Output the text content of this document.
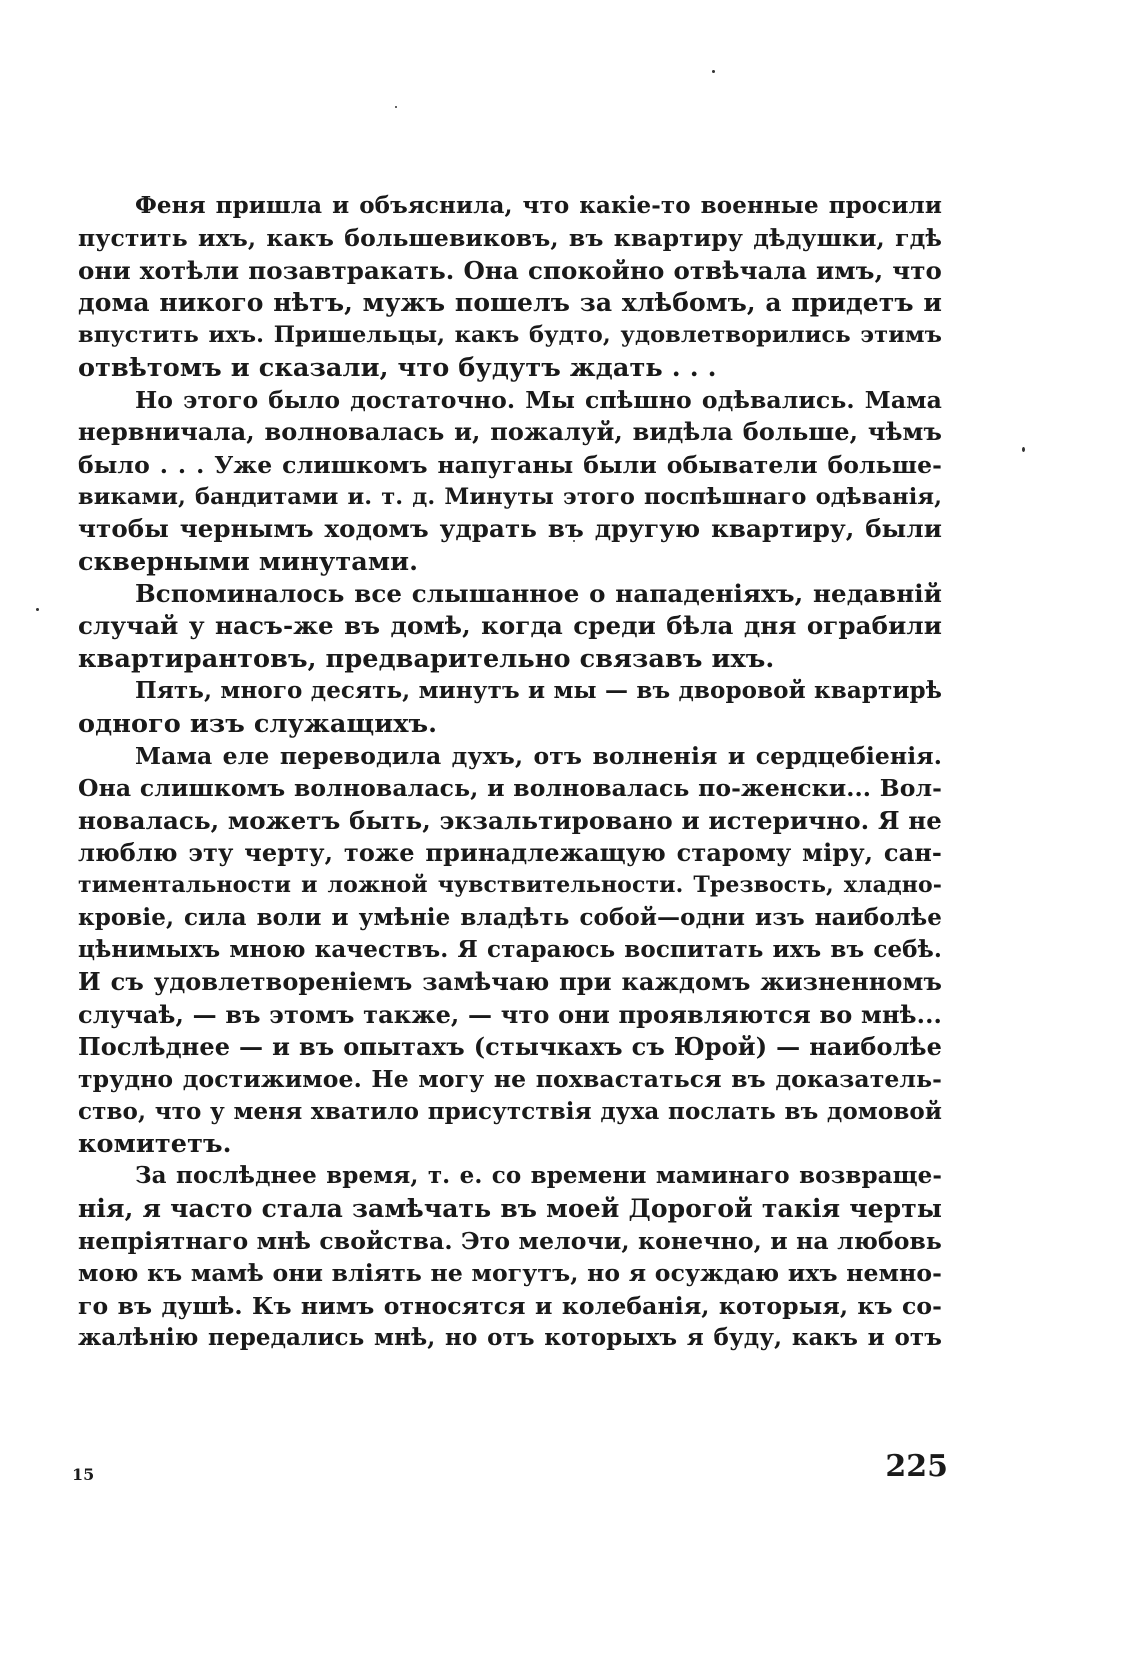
Феня пришла и объяснила, что какіе-то военные просили
пустить ихъ, какъ большевиковъ, въ квартиру дѣдушки, гдѣ
они хотѣли позавтракать. Она спокойно отвѣчала имъ, что
дома никого нѣтъ, мужъ пошелъ за хлѣбомъ, а придетъ и
впустить ихъ. Пришельцы, какъ будто, удовлетворились этимъ
отвѣтомъ и сказали, что будутъ ждать . . .
Но этого было достаточно. Мы спѣшно одѣвались. Мама
нервничала, волновалась и, пожалуй, видѣла больше, чѣмъ
было . . . Уже слишкомъ напуганы были обыватели больше-
виками, бандитами и. т. д. Минуты этого поспѣшнаго одѣванія,
чтобы чернымъ ходомъ удрать въ другую квартиру, были
скверными минутами.
Вспоминалось все слышанное о нападеніяхъ, недавній
случай у насъ-же въ домѣ, когда среди бѣла дня ограбили
квартирантовъ, предварительно связавъ ихъ.
Пять, много десять, минутъ и мы — въ дворовой квартирѣ
одного изъ служащихъ.
Мама еле переводила духъ, отъ волненія и сердцебіенія.
Она слишкомъ волновалась, и волновалась по-женски... Вол-
новалась, можетъ быть, экзальтировано и истерично. Я не
люблю эту черту, тоже принадлежащую старому міру, сан-
тиментальности и ложной чувствительности. Трезвость, хладно-
кровіе, сила воли и умѣніе владѣть собой—одни изъ наиболѣе
цѣнимыхъ мною качествъ. Я стараюсь воспитать ихъ въ себѣ.
И съ удовлетвореніемъ замѣчаю при каждомъ жизненномъ
случаѣ, — въ этомъ также, — что они проявляются во мнѣ...
Послѣднее — и въ опытахъ (стычкахъ съ Юрой) — наиболѣе
трудно достижимое. Не могу не похвастаться въ доказатель-
ство, что у меня хватило присутствія духа послать въ домовой
комитетъ.
За послѣднее время, т. е. со времени маминаго возвраще-
нія, я часто стала замѣчать въ моей Дорогой такія черты
непріятнаго мнѣ свойства. Это мелочи, конечно, и на любовь
мою къ мамѣ они вліять не могутъ, но я осуждаю ихъ немно-
го въ душѣ. Къ нимъ относятся и колебанія, которыя, къ со-
жалѣнію передались мнѣ, но отъ которыхъ я буду, какъ и отъ
15	225
